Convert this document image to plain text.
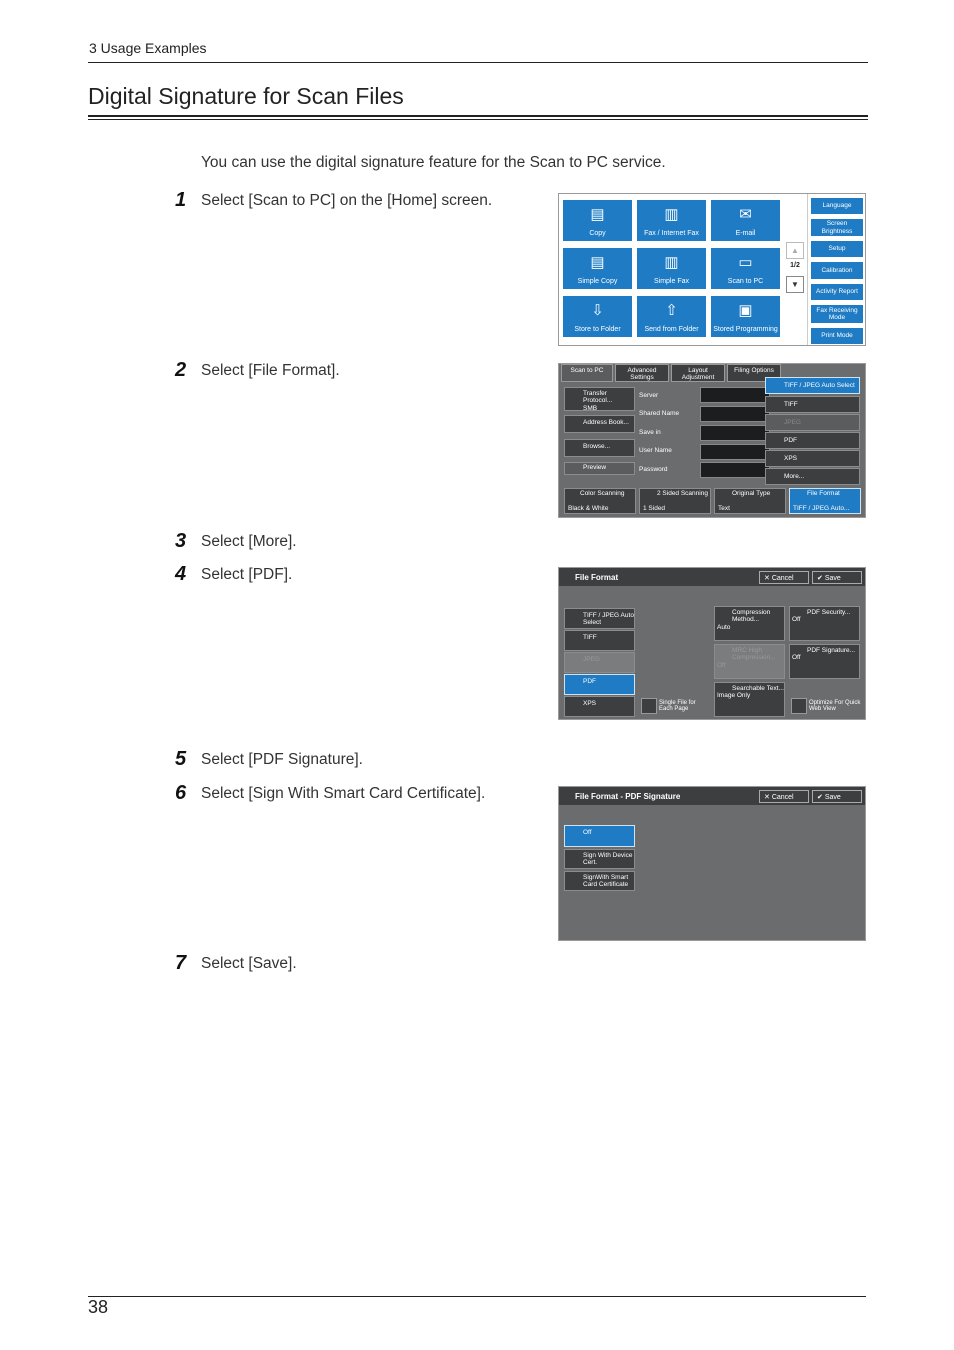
3 Usage Examples
Digital Signature for Scan Files
You can use the digital signature feature for the Scan to PC service.
1 Select [Scan to PC] on the [Home] screen.
2 Select [File Format].
3 Select [More].
4 Select [PDF].
5 Select [PDF Signature].
6 Select [Sign With Smart Card Certificate].
7 Select [Save].
▤
Copy
▥
Fax / Internet Fax
✉
E-mail
▤
Simple Copy
▥
Simple Fax
▭
Scan to PC
⇩
Store to Folder
⇧
Send from Folder
▣
Stored Programming
▲
1/2
▼
Language
Screen Brightness
Setup
Calibration
Activity Report
Fax Receiving Mode
Print Mode
Scan to PC	Advanced Settings
Layout Adjustment
Filing Options
Transfer Protocol...
SMB
Address Book...
Browse...
Preview
Server
Shared Name
Save in
User Name
Password
TIFF / JPEG Auto Select
TIFF
JPEG
PDF
XPS
More...
Color Scanning

Black & White
2 Sided Scanning

1 Sided
Original Type

Text
File Format

TIFF / JPEG Auto...
File Format	✕ Cancel	✔ Save
TIFF / JPEG Auto Select
TIFF
JPEG
PDF
XPS	Single File for Each Page
Compression Method...
Auto
PDF Security...
Off
MRC High Compression...
Off
PDF Signature...
Off
Searchable Text...
Image Only
Optimize For Quick Web View
File Format - PDF Signature	✕ Cancel	✔ Save
Off
Sign With Device Cert.
SignWith Smart Card Certificate
38
